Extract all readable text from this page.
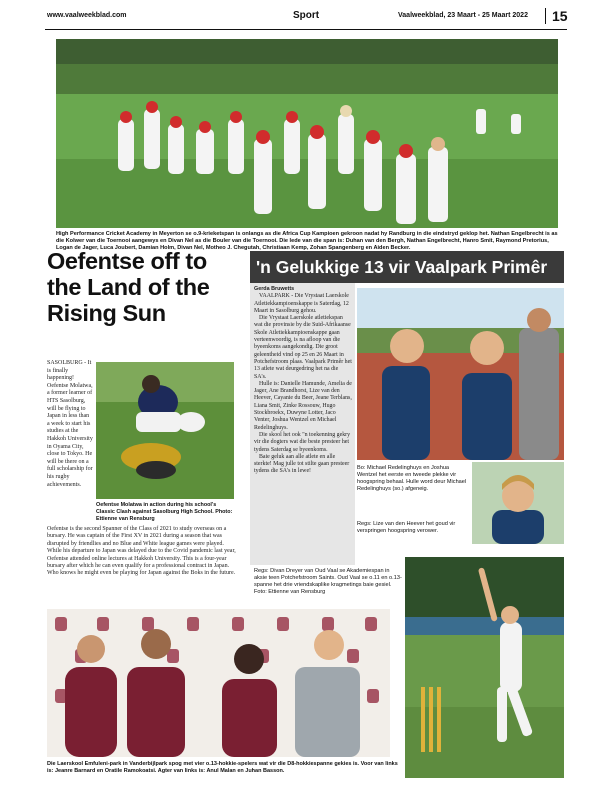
www.vaalweekblad.com	Sport	Vaalweekblad, 23 Maart - 25 Maart 2022	15
High Performance Cricket Academy in Meyerton se o.9-krieketspan is onlangs as die Africa Cup Kampioen gekroon nadat hy Randburg in die eindstryd geklop het. Nathan Engelbrecht is as die Kolwer van die Toernooi aangewys en Divan Nel as die Bouler van die Toernooi. Die lede van die span is: Duhan van den Bergh, Nathan Engelbrecht, Hanro Smit, Raymond Pretorius, Logan de Jager, Luca Joubert, Damian Holm, Divan Nel, Motheo J. Chegutah, Christiaan Kemp, Zohan Spangenberg en Aiden Becker.
Oefentse off to the Land of the Rising Sun
SASOLBURG - It is finally happening! Oefentse Molatwa, a former learner of HTS Sasolburg, will be flying to Japan in less than a week to start his studies at the Hakkoh University in Oyama City, close to Tokyo. He will be there on a full scholarship for his rugby achievements.
Oefentse Molatwa in action during his school's Classic Clash against Sasolburg High School. Photo: Ettienne van Rensburg
Oefentse is the second Spanner of the Class of 2021 to study overseas on a bursary. He was captain of the First XV in 2021 during a season that was disrupted by friendlies and no Blue and White league games were played. While his departure to Japan was delayed due to the Covid pandemic last year, Oefentse attended online lectures at Hakkoh University. This is a four-year bursary after which he can even qualify for a professional contract in Japan. Who knows he might even be playing for Japan against the Boks in the future.
'n Gelukkige 13 vir Vaalpark Primêr
Gerda Bruwetts

VAALPARK - Die Vrystaat Laerskole Atletiekkampioenskappe is Saterdag, 12 Maart in Sasolburg gehou.

Die Vrystaat Laerskole atletiekspan wat die provinsie by die Suid-Afrikaanse Skole Atletiekkampioenskappe gaan verteenwoordig, is na afloop van die byeenkoms aangekondig. Die groot geleentheid vind op 25 en 26 Maart in Potchefstroom plaas. Vaalpark Primêr het 13 atlete wat deurgedring het na die SA's.

Hulle is: Danielle Hamunde, Amelia de Jager, Ane Brandhorst, Lize van den Heever, Cayanie du Beer, Jeane Terblans, Liana Smit, Zinke Rossouw, Hugo Stockbroekx, Duwyne Lotter, Jaco Venter, Joshua Wentzel en Michael Redelinghuys.

Die skool het ook "n toekenning gekry vir die dogters wat die beste presteer het tydens Saterdag se byeenkoms.

Baie geluk aan alle atlete en alle sterkte! Mag julle tot stilte gaan presteer tydens die SA's in lewe!

Bo: Michael Redelinghuys en Joshua Wentzel het eerste en tweede plekke vir hoogspring behaal. Hulle word deur Michael Redelinghuys (so.) afgeneig.
Regs: Lize van den Heever het goud vir verspringen hoogspring verower.
Regs: Divan Dreyer van Oud Vaal se Akademiespan in aksie teen Potchefstroom Saints. Oud Vaal se o.11 en o.13-spanne het drie vriendskaplike kragmetings baie gesiel. Foto: Ettienne van Rensburg
Die Laerskool Emfuleni-park in Vanderbijlpark spog met vier o.13-hokkie-spelers wat vir die D8-hokkiespanne gekies is. Voor van links is: Jeanre Barnard en Oratile Ramokoatsi. Agter van links is: Anul Malan en Juhan Basson.
